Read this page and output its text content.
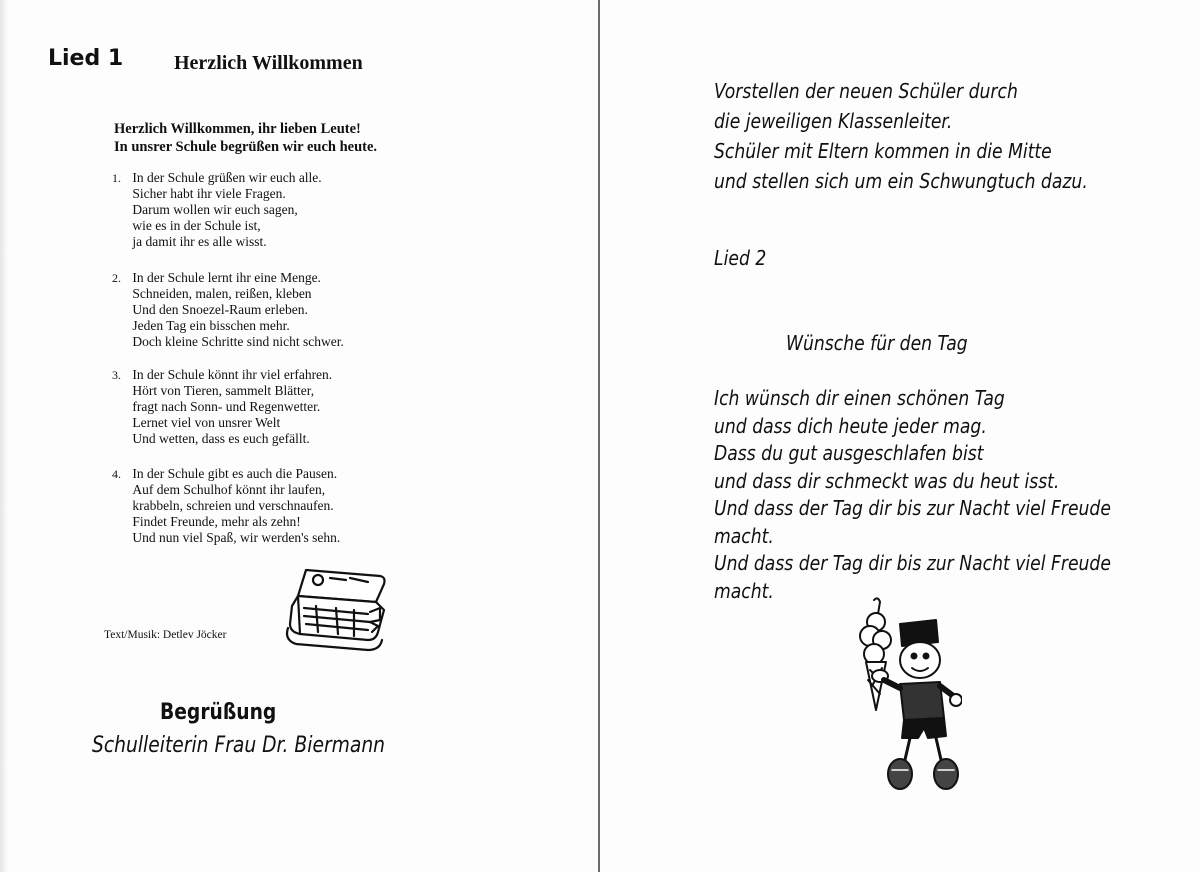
Lied 1	Herzlich Willkommen

Herzlich Willkommen, ihr lieben Leute!
In unsrer Schule begrüßen wir euch heute.
1. In der Schule grüßen wir euch alle.
Sicher habt ihr viele Fragen.
Darum wollen wir euch sagen,
wie es in der Schule ist,
ja damit ihr es alle wisst.
2. In der Schule lernt ihr eine Menge.
Schneiden, malen, reißen, kleben
Und den Snoezel-Raum erleben.
Jeden Tag ein bisschen mehr.
Doch kleine Schritte sind nicht schwer.
3. In der Schule könnt ihr viel erfahren.
Hört von Tieren, sammelt Blätter,
fragt nach Sonn- und Regenwetter.
Lernet viel von unsrer Welt
Und wetten, dass es euch gefällt.
4. In der Schule gibt es auch die Pausen.
Auf dem Schulhof könnt ihr laufen,
krabbeln, schreien und verschnaufen.
Findet Freunde, mehr als zehn!
Und nun viel Spaß, wir werden's sehn.

Text/Musik: Detlev Jöcker

Begrüßung

Schulleiterin Frau Dr. Biermann

Vorstellen der neuen Schüler durch
die jeweiligen Klassenleiter.
Schüler mit Eltern kommen in die Mitte
und stellen sich um ein Schwungtuch dazu.

Lied 2

Wünsche für den Tag

Ich wünsch dir einen schönen Tag
und dass dich heute jeder mag.
Dass du gut ausgeschlafen bist
und dass dir schmeckt was du heut isst.
Und dass der Tag dir bis zur Nacht viel Freude
macht.
Und dass der Tag dir bis zur Nacht viel Freude
macht.
